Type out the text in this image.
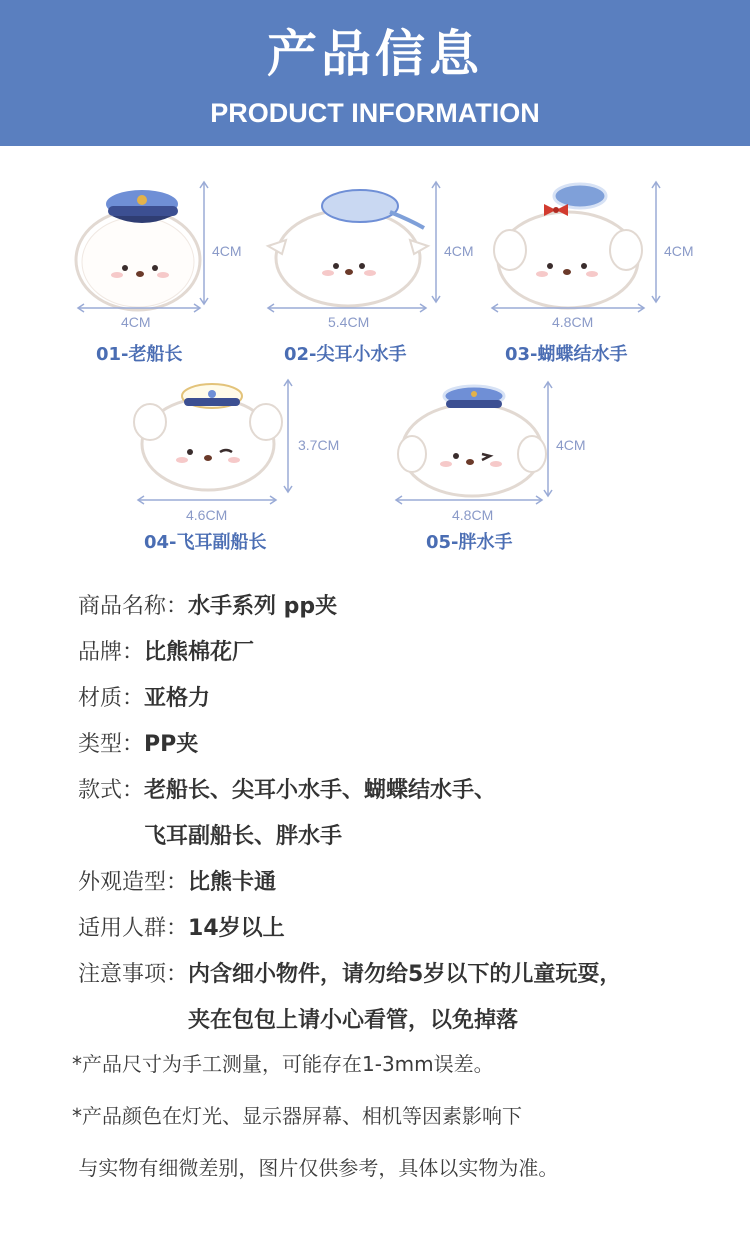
产品信息
PRODUCT INFORMATION
4CM
4CM
01-老船长
4CM
5.4CM
02-尖耳小水手
4CM
4.8CM
03-蝴蝶结水手
3.7CM
4.6CM
04-飞耳副船长
4CM
4.8CM
05-胖水手
商品名称： 水手系列 pp夹
品牌： 比熊棉花厂
材质： 亚格力
类型： PP夹
款式： 老船长、尖耳小水手、蝴蝶结水手、
飞耳副船长、胖水手
外观造型： 比熊卡通
适用人群： 14岁以上
注意事项： 内含细小物件，请勿给5岁以下的儿童玩耍，
夹在包包上请小心看管，以免掉落
*产品尺寸为手工测量，可能存在1-3mm误差。
*产品颜色在灯光、显示器屏幕、相机等因素影响下
与实物有细微差别，图片仅供参考，具体以实物为准。
